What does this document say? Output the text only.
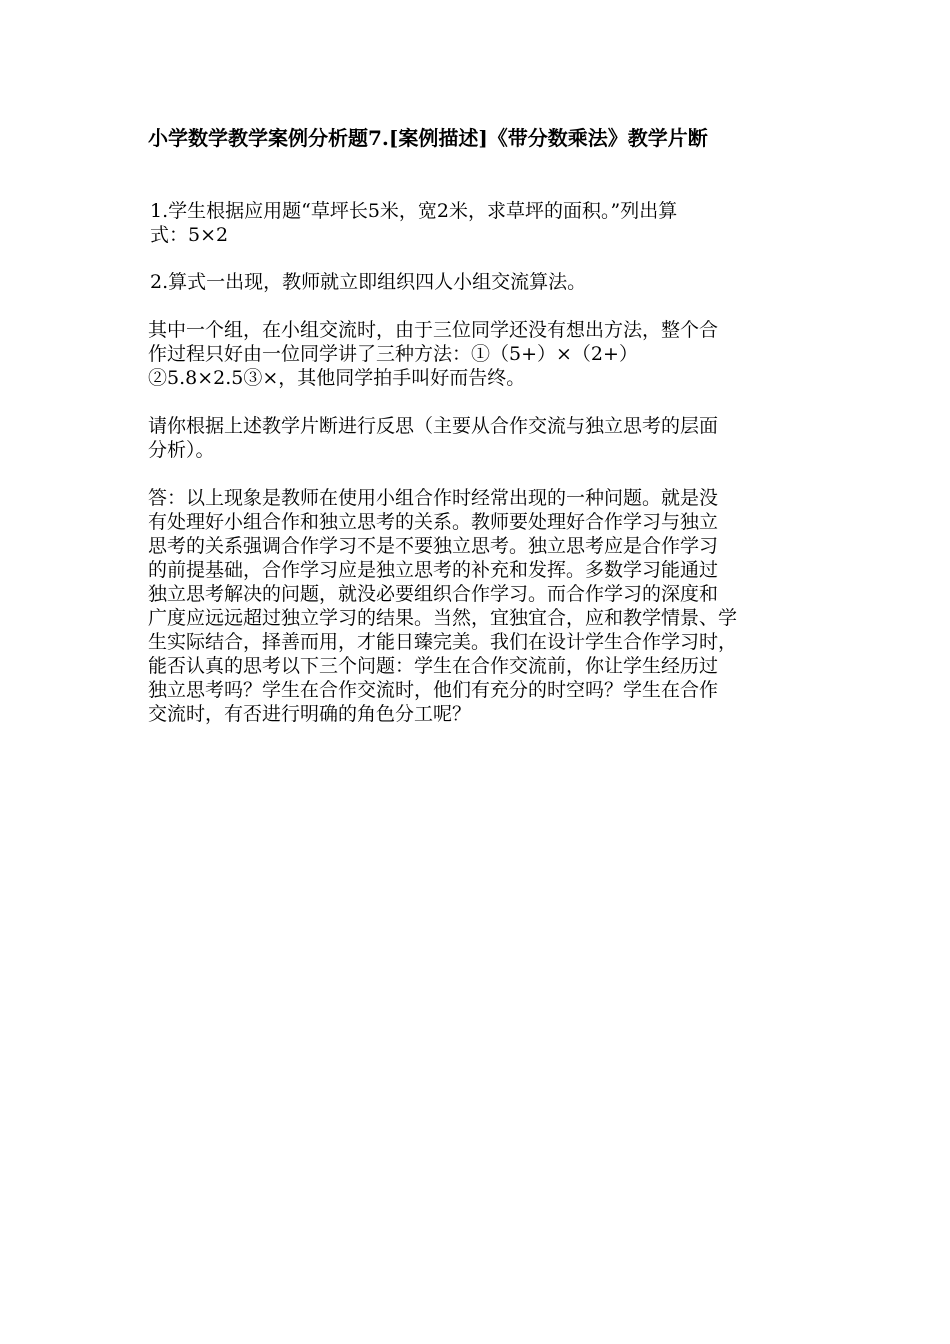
小学数学教学案例分析题7.[案例描述]《带分数乘法》教学片断

1.学生根据应用题“草坪长5米，宽2米，求草坪的面积。”列出算
式：5×2

2.算式一出现，教师就立即组织四人小组交流算法。

其中一个组，在小组交流时，由于三位同学还没有想出方法，整个合
作过程只好由一位同学讲了三种方法：①（5+）×（2+）
②5.8×2.5③×，其他同学拍手叫好而告终。

请你根据上述教学片断进行反思（主要从合作交流与独立思考的层面
分析）。

答：以上现象是教师在使用小组合作时经常出现的一种问题。就是没
有处理好小组合作和独立思考的关系。教师要处理好合作学习与独立
思考的关系强调合作学习不是不要独立思考。独立思考应是合作学习
的前提基础，合作学习应是独立思考的补充和发挥。多数学习能通过
独立思考解决的问题，就没必要组织合作学习。而合作学习的深度和
广度应远远超过独立学习的结果。当然，宜独宜合，应和教学情景、学
生实际结合，择善而用，才能日臻完美。我们在设计学生合作学习时，
能否认真的思考以下三个问题：学生在合作交流前，你让学生经历过
独立思考吗？学生在合作交流时，他们有充分的时空吗？学生在合作
交流时，有否进行明确的角色分工呢？
